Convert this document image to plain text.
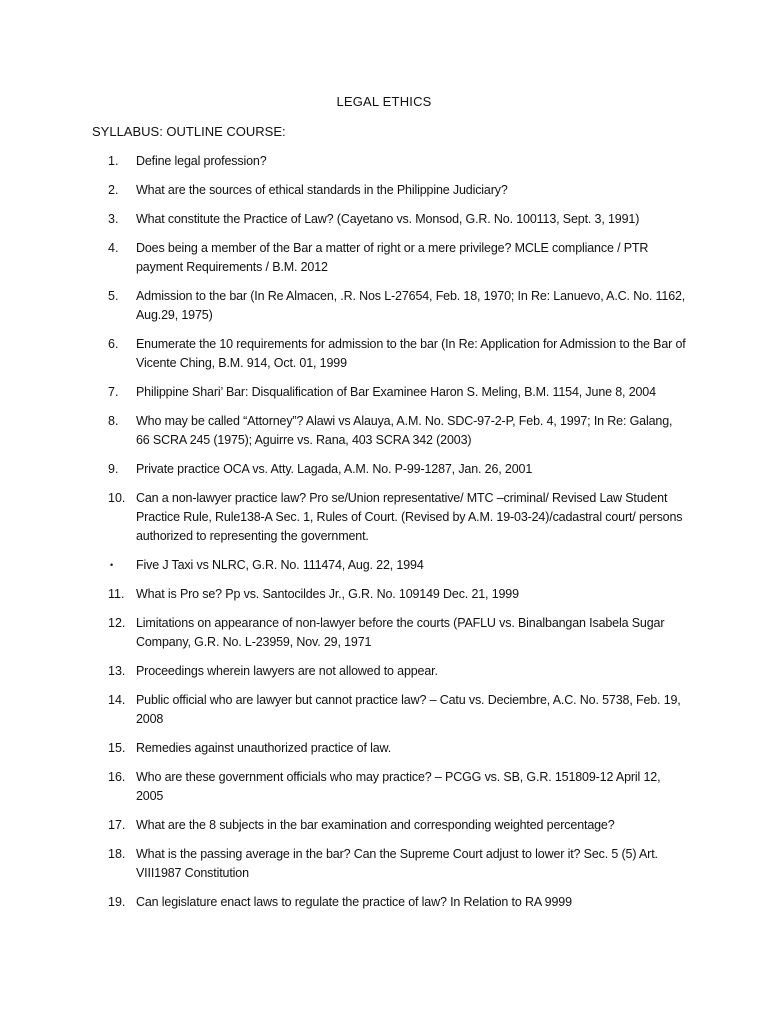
LEGAL ETHICS
SYLLABUS: OUTLINE COURSE:
1.	Define legal profession?
2.	What are the sources of ethical standards in the Philippine Judiciary?
3.	What constitute the Practice of Law? (Cayetano vs. Monsod, G.R. No. 100113, Sept. 3, 1991)
4.	Does being a member of the Bar a matter of right or a mere privilege? MCLE compliance / PTR payment Requirements / B.M. 2012
5.	Admission to the bar (In Re Almacen, .R. Nos L-27654, Feb. 18, 1970; In Re: Lanuevo, A.C. No. 1162, Aug.29, 1975)
6.	Enumerate the 10 requirements for admission to the bar (In Re: Application for Admission to the Bar of Vicente Ching, B.M. 914, Oct. 01, 1999
7.	Philippine Shari’ Bar: Disqualification of Bar Examinee Haron S. Meling, B.M. 1154, June 8, 2004
8.	Who may be called “Attorney”? Alawi vs Alauya, A.M. No. SDC-97-2-P, Feb. 4, 1997; In Re: Galang, 66 SCRA 245 (1975); Aguirre vs. Rana, 403 SCRA 342 (2003)
9.	Private practice OCA vs. Atty. Lagada, A.M. No. P-99-1287, Jan. 26, 2001
10. Can a non-lawyer practice law? Pro se/Union representative/ MTC –criminal/ Revised Law Student Practice Rule, Rule138-A Sec. 1, Rules of Court. (Revised by A.M. 19-03-24)/cadastral court/ persons authorized to representing the government.
•	Five J Taxi vs NLRC, G.R. No. 111474, Aug. 22, 1994
11. What is Pro se? Pp vs. Santocildes Jr., G.R. No. 109149 Dec. 21, 1999
12. Limitations on appearance of non-lawyer before the courts (PAFLU vs. Binalbangan Isabela Sugar Company, G.R. No. L-23959, Nov. 29, 1971
13. Proceedings wherein lawyers are not allowed to appear.
14. Public official who are lawyer but cannot practice law? – Catu vs. Deciembre, A.C. No. 5738, Feb. 19, 2008
15. Remedies against unauthorized practice of law.
16. Who are these government officials who may practice? – PCGG vs. SB, G.R. 151809-12 April 12, 2005
17. What are the 8 subjects in the bar examination and corresponding weighted percentage?
18. What is the passing average in the bar? Can the Supreme Court adjust to lower it? Sec. 5 (5) Art. VIII1987 Constitution
19. Can legislature enact laws to regulate the practice of law? In Relation to RA 9999
